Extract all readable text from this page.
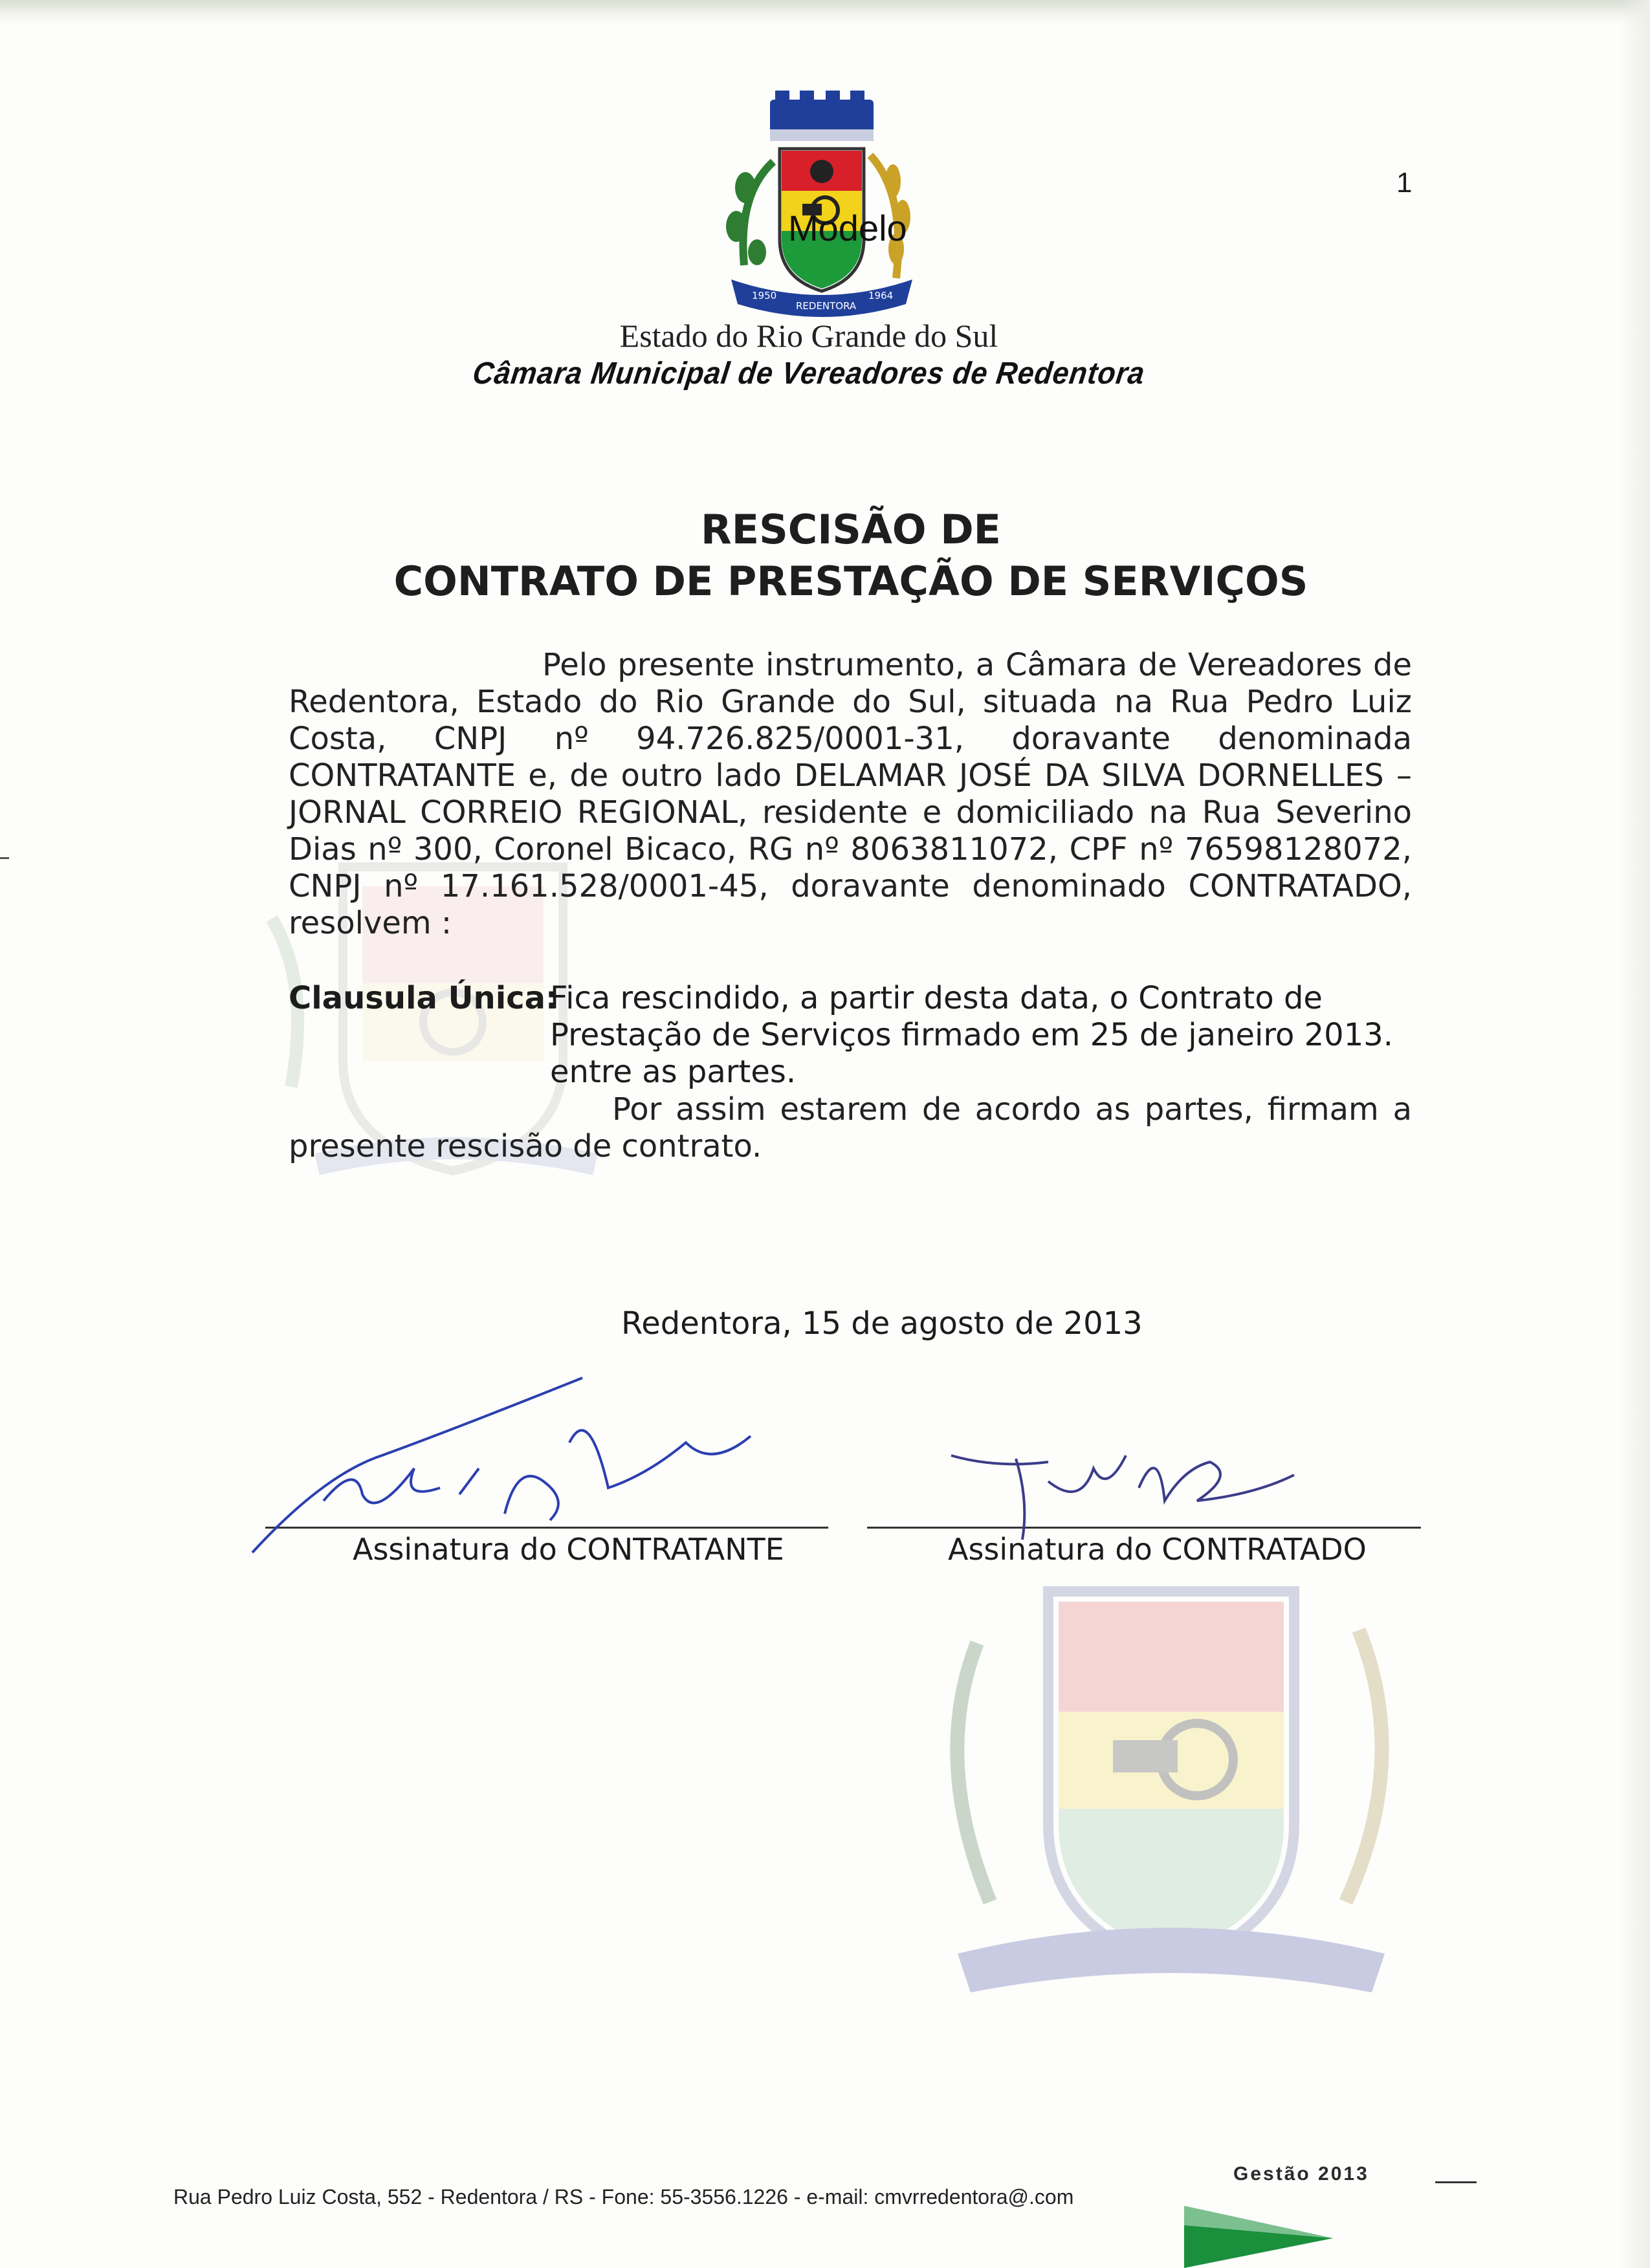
1950
REDENTORA
1964
Modelo
1
Estado do Rio Grande do Sul
Câmara Municipal de Vereadores de Redentora
RESCISÃO DE
CONTRATO DE PRESTAÇÃO DE SERVIÇOS
Pelo presente instrumento, a Câmara de Vereadores de Redentora, Estado do Rio Grande do Sul, situada na Rua Pedro Luiz Costa, CNPJ nº 94.726.825/0001-31, doravante denominada CONTRATANTE e, de outro lado DELAMAR JOSÉ DA SILVA DORNELLES – JORNAL CORREIO REGIONAL, residente e domiciliado na Rua Severino Dias nº 300, Coronel Bicaco, RG nº 8063811072, CPF nº 76598128072, CNPJ nº 17.161.528/0001-45, doravante denominado CONTRATADO, resolvem :
Clausula Única:
Fica rescindido, a partir desta data, o Contrato de Prestação de Serviços firmado em 25 de janeiro 2013. entre as partes.
Por assim estarem de acordo as partes, firmam a presente rescisão de contrato.
Redentora, 15 de agosto de 2013
Assinatura do CONTRATANTE	Assinatura do CONTRATADO
Rua Pedro Luiz Costa, 552 - Redentora / RS - Fone: 55-3556.1226 - e-mail: cmvrredentora@.com
Gestão 2013
